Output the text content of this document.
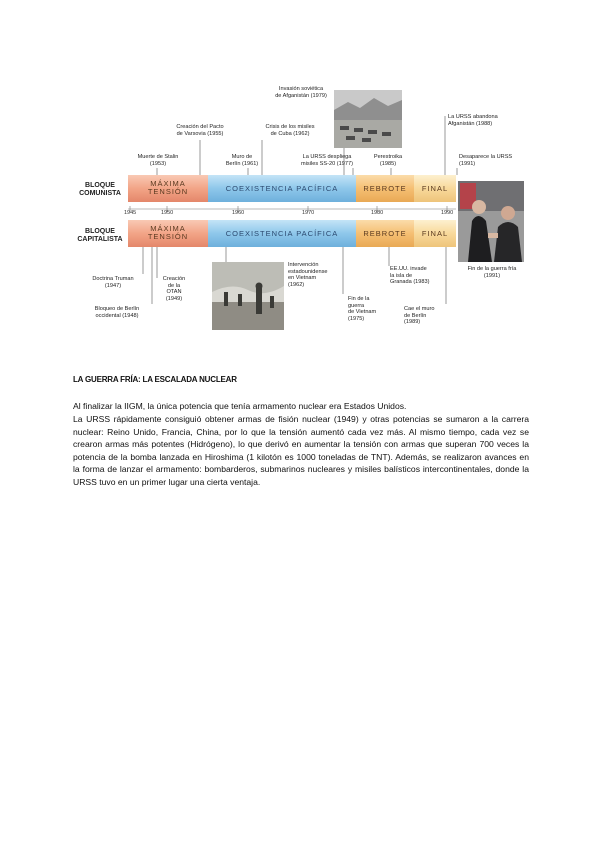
BLOQUE
COMUNISTA
BLOQUE
CAPITALISTA
MÁXIMA
TENSIÓN	COEXISTENCIA PACÍFICA	REBROTE	FINAL
MÁXIMA
TENSIÓN	COEXISTENCIA PACÍFICA	REBROTE	FINAL
1945	1950	1960	1970	1980	1990
Muerte de Stalin
(1953)
Creación del Pacto
de Varsovia (1955)
Muro de
Berlín (1961)
Crisis de los misiles
de Cuba (1962)
Invasión soviética
de Afganistán (1979)
La URSS despliega
misiles SS-20 (1977)
Perestroika
(1985)
La URSS abandona
Afganistán (1988)
Desaparece la URSS
(1991)
Doctrina Truman
(1947)
Bloqueo de Berlín
occidental (1948)
Creación
de la
OTAN
(1949)
Intervención
estadounidense
en Vietnam
(1962)
Fin de la
guerra
de Vietnam
(1975)
EE.UU. invade
la isla de
Granada (1983)
Cae el muro
de Berlín
(1989)
Fin de la guerra fría
(1991)
LA GUERRA FRÍA: LA ESCALADA NUCLEAR
Al finalizar la IIGM, la única potencia que tenía armamento nuclear era Estados Unidos.
La URSS rápidamente consiguió obtener armas de fisión nuclear (1949) y otras potencias se sumaron a la carrera nuclear: Reino Unido, Francia, China, por lo que la tensión aumentó cada vez más. Al mismo tiempo, cada vez se crearon armas más potentes (Hidrógeno), lo que derivó en aumentar la tensión con armas que superan 700 veces la potencia de la bomba lanzada en Hiroshima (1 kilotón es 1000 toneladas de TNT). Además, se realizaron avances en la forma de lanzar el armamento: bombarderos, submarinos nucleares y misiles balísticos intercontinentales, donde la URSS tuvo en un primer lugar una cierta ventaja.
